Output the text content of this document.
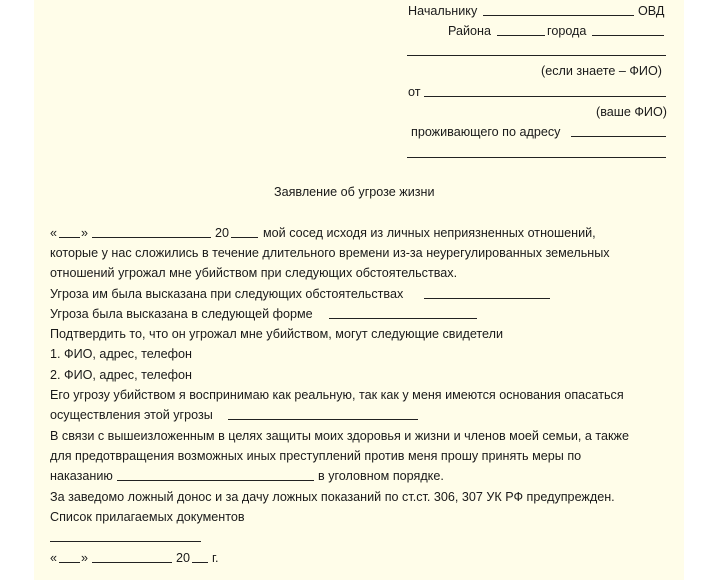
Начальнику	ОВД
Района	города
(если знаете – ФИО)
от
(ваше ФИО)
проживающего по адресу
Заявление об угрозе жизни
« »	20	мой сосед исходя из личных неприязненных отношений,
которые у нас сложились в течение длительного времени из-за неурегулированных земельных
отношений угрожал мне убийством при следующих обстоятельствах.
Угроза им была высказана при следующих обстоятельствах
Угроза была высказана в следующей форме
Подтвердить то, что он угрожал мне убийством, могут следующие свидетели
1. ФИО, адрес, телефон
2. ФИО, адрес, телефон
Его угрозу убийством я воспринимаю как реальную, так как у меня имеются основания опасаться
осуществления этой угрозы
В связи с вышеизложенным в целях защиты моих здоровья и жизни и членов моей семьи, а также
для предотвращения возможных иных преступлений против меня прошу принять меры по
наказанию	в уголовном порядке.
За заведомо ложный донос и за дачу ложных показаний по ст.ст. 306, 307 УК РФ предупрежден.
Список прилагаемых документов
« »	20 г.
